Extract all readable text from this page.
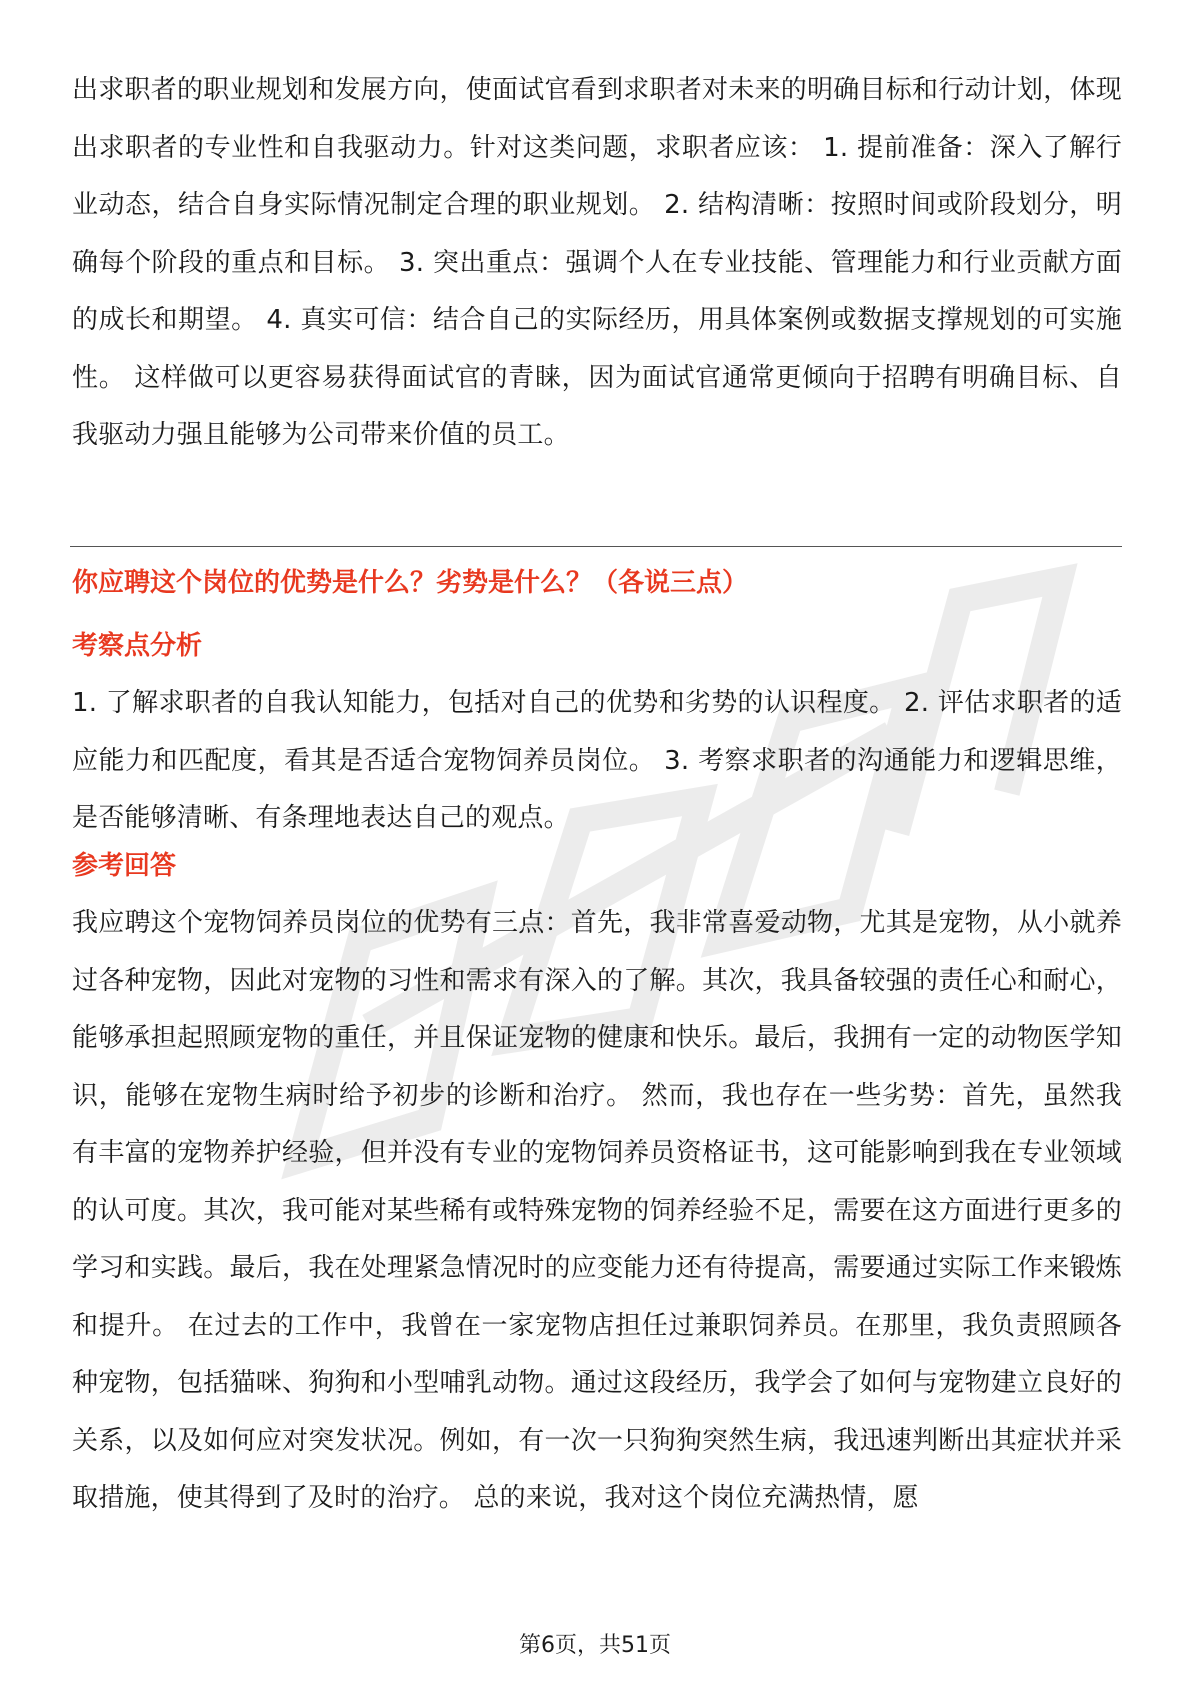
出求职者的职业规划和发展方向，使面试官看到求职者对未来的明确目标和行动计划，体现出求职者的专业性和自我驱动力。针对这类问题，求职者应该： 1. 提前准备：深入了解行业动态，结合自身实际情况制定合理的职业规划。 2. 结构清晰：按照时间或阶段划分，明确每个阶段的重点和目标。 3. 突出重点：强调个人在专业技能、管理能力和行业贡献方面的成长和期望。 4. 真实可信：结合自己的实际经历，用具体案例或数据支撑规划的可实施性。 这样做可以更容易获得面试官的青睐，因为面试官通常更倾向于招聘有明确目标、自我驱动力强且能够为公司带来价值的员工。

你应聘这个岗位的优势是什么？劣势是什么？（各说三点）
考察点分析

1. 了解求职者的自我认知能力，包括对自己的优势和劣势的认识程度。 2. 评估求职者的适应能力和匹配度，看其是否适合宠物饲养员岗位。 3. 考察求职者的沟通能力和逻辑思维，是否能够清晰、有条理地表达自己的观点。

参考回答

我应聘这个宠物饲养员岗位的优势有三点：首先，我非常喜爱动物，尤其是宠物，从小就养过各种宠物，因此对宠物的习性和需求有深入的了解。其次，我具备较强的责任心和耐心，能够承担起照顾宠物的重任，并且保证宠物的健康和快乐。最后，我拥有一定的动物医学知识，能够在宠物生病时给予初步的诊断和治疗。 然而，我也存在一些劣势：首先，虽然我有丰富的宠物养护经验，但并没有专业的宠物饲养员资格证书，这可能影响到我在专业领域的认可度。其次，我可能对某些稀有或特殊宠物的饲养经验不足，需要在这方面进行更多的学习和实践。最后，我在处理紧急情况时的应变能力还有待提高，需要通过实际工作来锻炼和提升。 在过去的工作中，我曾在一家宠物店担任过兼职饲养员。在那里，我负责照顾各种宠物，包括猫咪、狗狗和小型哺乳动物。通过这段经历，我学会了如何与宠物建立良好的关系，以及如何应对突发状况。例如，有一次一只狗狗突然生病，我迅速判断出其症状并采取措施，使其得到了及时的治疗。 总的来说，我对这个岗位充满热情，愿

第6页，共51页
